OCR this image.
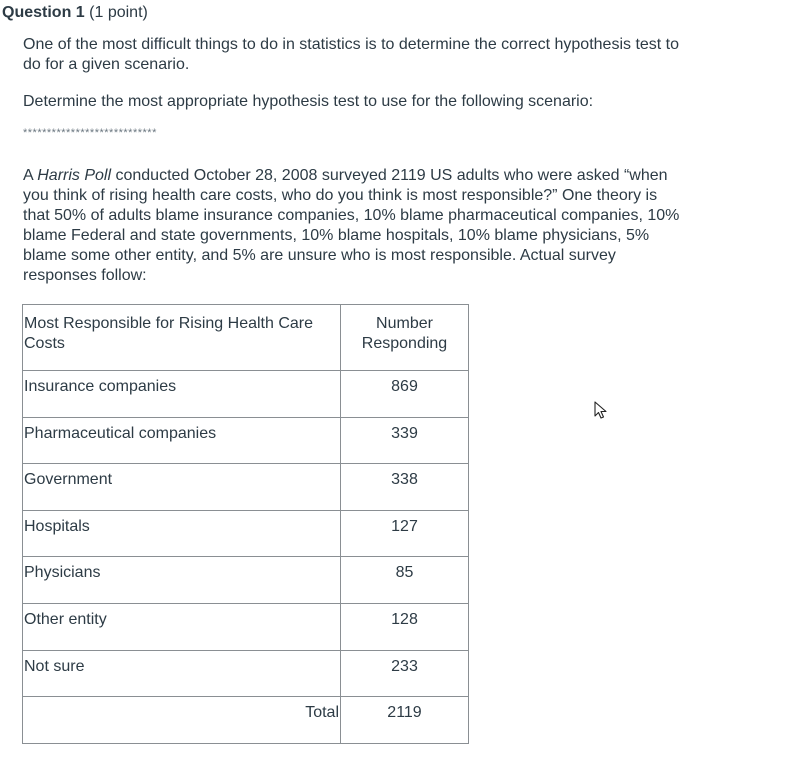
Question 1 (1 point)

One of the most difficult things to do in statistics is to determine the correct hypothesis test to do for a given scenario.

Determine the most appropriate hypothesis test to use for the following scenario:

****************************

A Harris Poll conducted October 28, 2008 surveyed 2119 US adults who were asked “when you think of rising health care costs, who do you think is most responsible?” One theory is that 50% of adults blame insurance companies, 10% blame pharmaceutical companies, 10% blame Federal and state governments, 10% blame hospitals, 10% blame physicians, 5% blame some other entity, and 5% are unsure who is most responsible. Actual survey responses follow:

Most Responsible for Rising Health Care Costs	Number Responding
Insurance companies	869
Pharmaceutical companies	339
Government	338
Hospitals	127
Physicians	85
Other entity	128
Not sure	233
Total	2119
